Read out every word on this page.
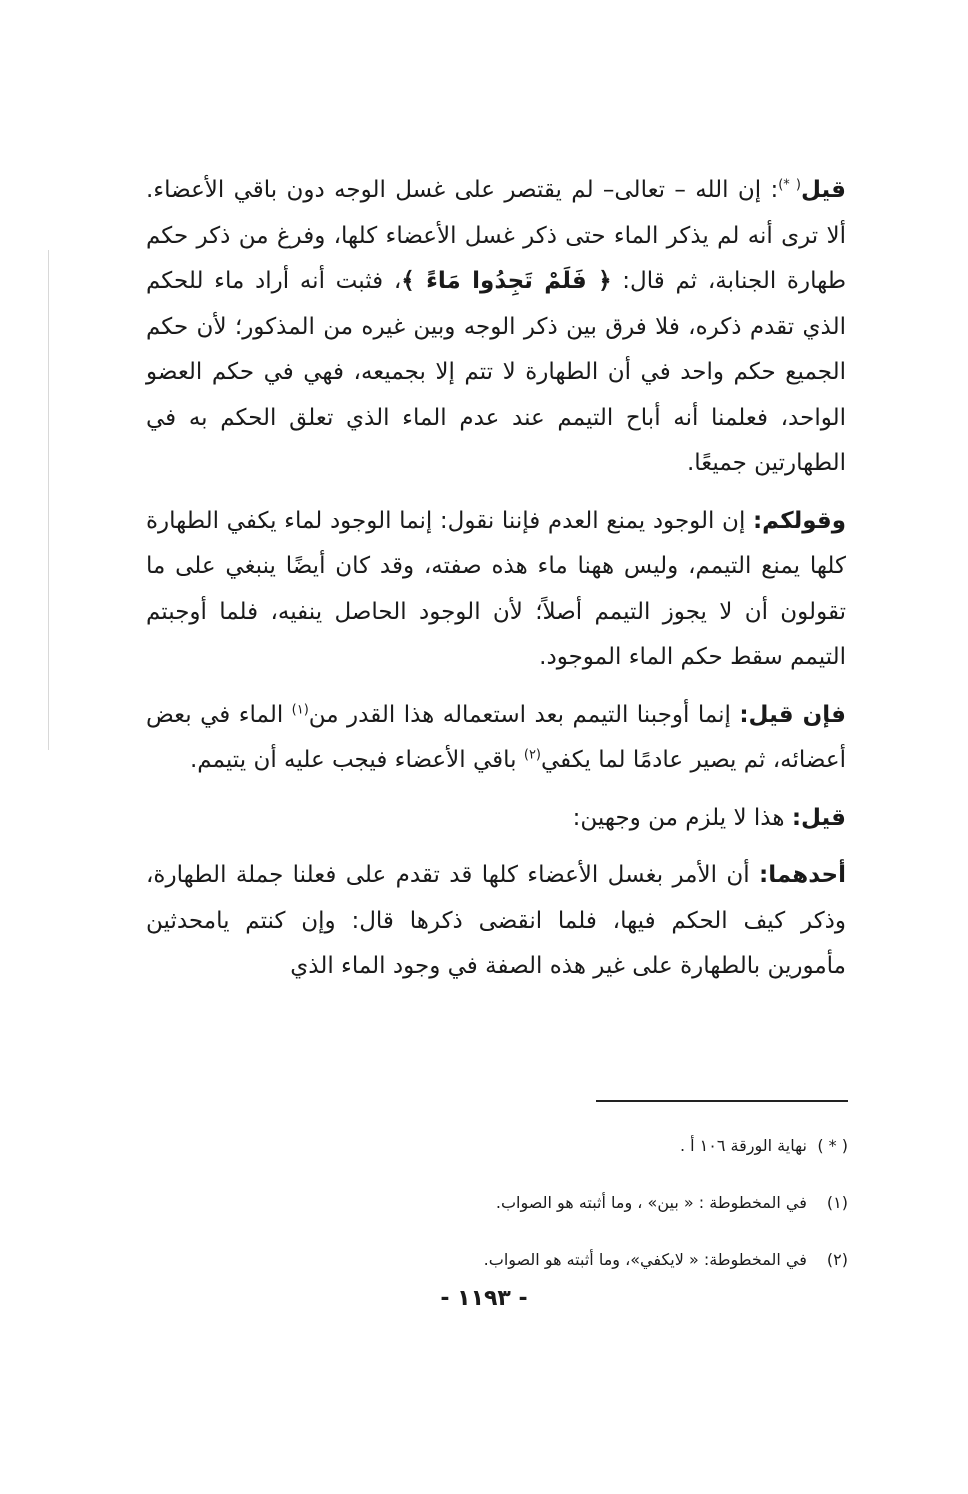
قيل( *): إن الله – تعالى– لم يقتصر على غسل الوجه دون باقي الأعضاء. ألا ترى أنه لم يذكر الماء حتى ذكر غسل الأعضاء كلها، وفرغ من ذكر حكم طهارة الجنابة، ثم قال: ﴿ فَلَمْ تَجِدُوا مَاءً ﴾، فثبت أنه أراد ماء للحكم الذي تقدم ذكره، فلا فرق بين ذكر الوجه وبين غيره من المذكور؛ لأن حكم الجميع حكم واحد في أن الطهارة لا تتم إلا بجميعه، فهي في حكم العضو الواحد، فعلمنا أنه أباح التيمم عند عدم الماء الذي تعلق الحكم به في الطهارتين جميعًا.

وقولكم: إن الوجود يمنع العدم فإننا نقول: إنما الوجود لماء يكفي الطهارة كلها يمنع التيمم، وليس ههنا ماء هذه صفته، وقد كان أيضًا ينبغي على ما تقولون أن لا يجوز التيمم أصلاً؛ لأن الوجود الحاصل ينفيه، فلما أوجبتم التيمم سقط حكم الماء الموجود.

فإن قيل: إنما أوجبنا التيمم بعد استعماله هذا القدر من$^{(١)}$ الماء في بعض أعضائه، ثم يصير عادمًا لما يكفي$^{(٢)}$ باقي الأعضاء فيجب عليه أن يتيمم.

قيل: هذا لا يلزم من وجهين:

أحدهما: أن الأمر بغسل الأعضاء كلها قد تقدم على فعلنا جملة الطهارة، وذكر كيف الحكم فيها، فلما انقضى ذكرها قال: وإن كنتم يامحدثين مأمورين بالطهارة على غير هذه الصفة في وجود الماء الذي

( * ) نهاية الورقة ١٠٦ أ .
(١) في المخطوطة : « بين» ، وما أثبته هو الصواب.
(٢) في المخطوطة: « لايكفي»، وما أثبته هو الصواب.
- ١١٩٣ -
